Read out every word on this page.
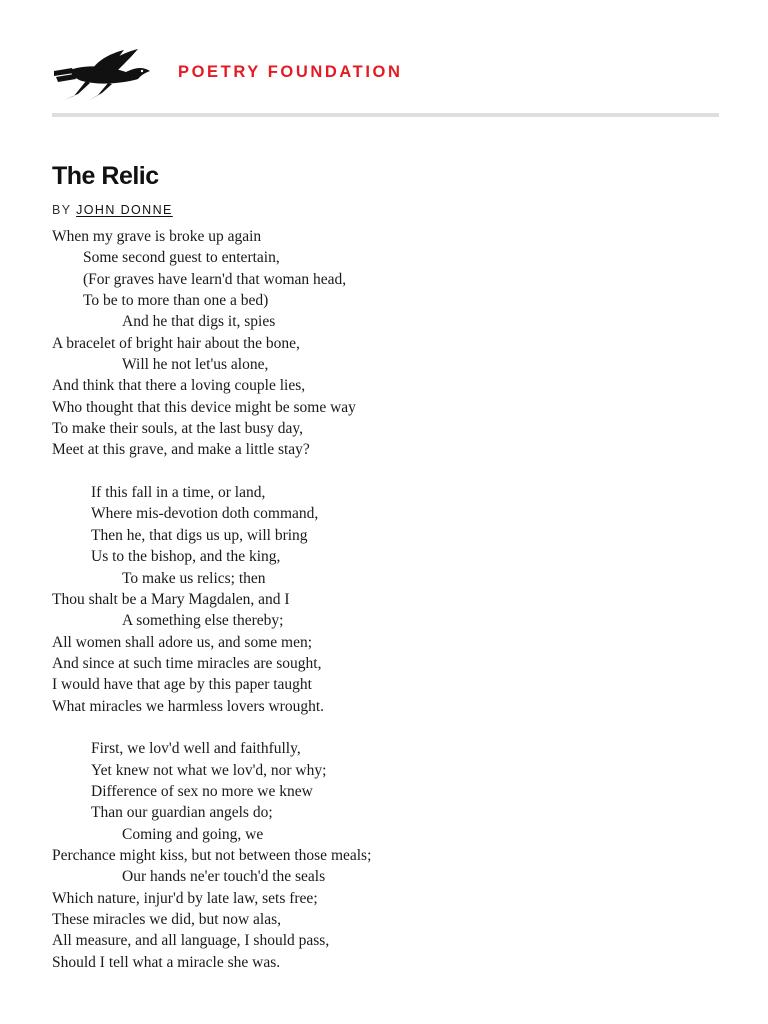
POETRY FOUNDATION
The Relic
BY JOHN DONNE
When my grave is broke up again
Some second guest to entertain,
(For graves have learn'd that woman head,
To be to more than one a bed)
And he that digs it, spies
A bracelet of bright hair about the bone,
Will he not let'us alone,
And think that there a loving couple lies,
Who thought that this device might be some way
To make their souls, at the last busy day,
Meet at this grave, and make a little stay?
If this fall in a time, or land,
Where mis-devotion doth command,
Then he, that digs us up, will bring
Us to the bishop, and the king,
To make us relics; then
Thou shalt be a Mary Magdalen, and I
A something else thereby;
All women shall adore us, and some men;
And since at such time miracles are sought,
I would have that age by this paper taught
What miracles we harmless lovers wrought.
First, we lov'd well and faithfully,
Yet knew not what we lov'd, nor why;
Difference of sex no more we knew
Than our guardian angels do;
Coming and going, we
Perchance might kiss, but not between those meals;
Our hands ne'er touch'd the seals
Which nature, injur'd by late law, sets free;
These miracles we did, but now alas,
All measure, and all language, I should pass,
Should I tell what a miracle she was.
